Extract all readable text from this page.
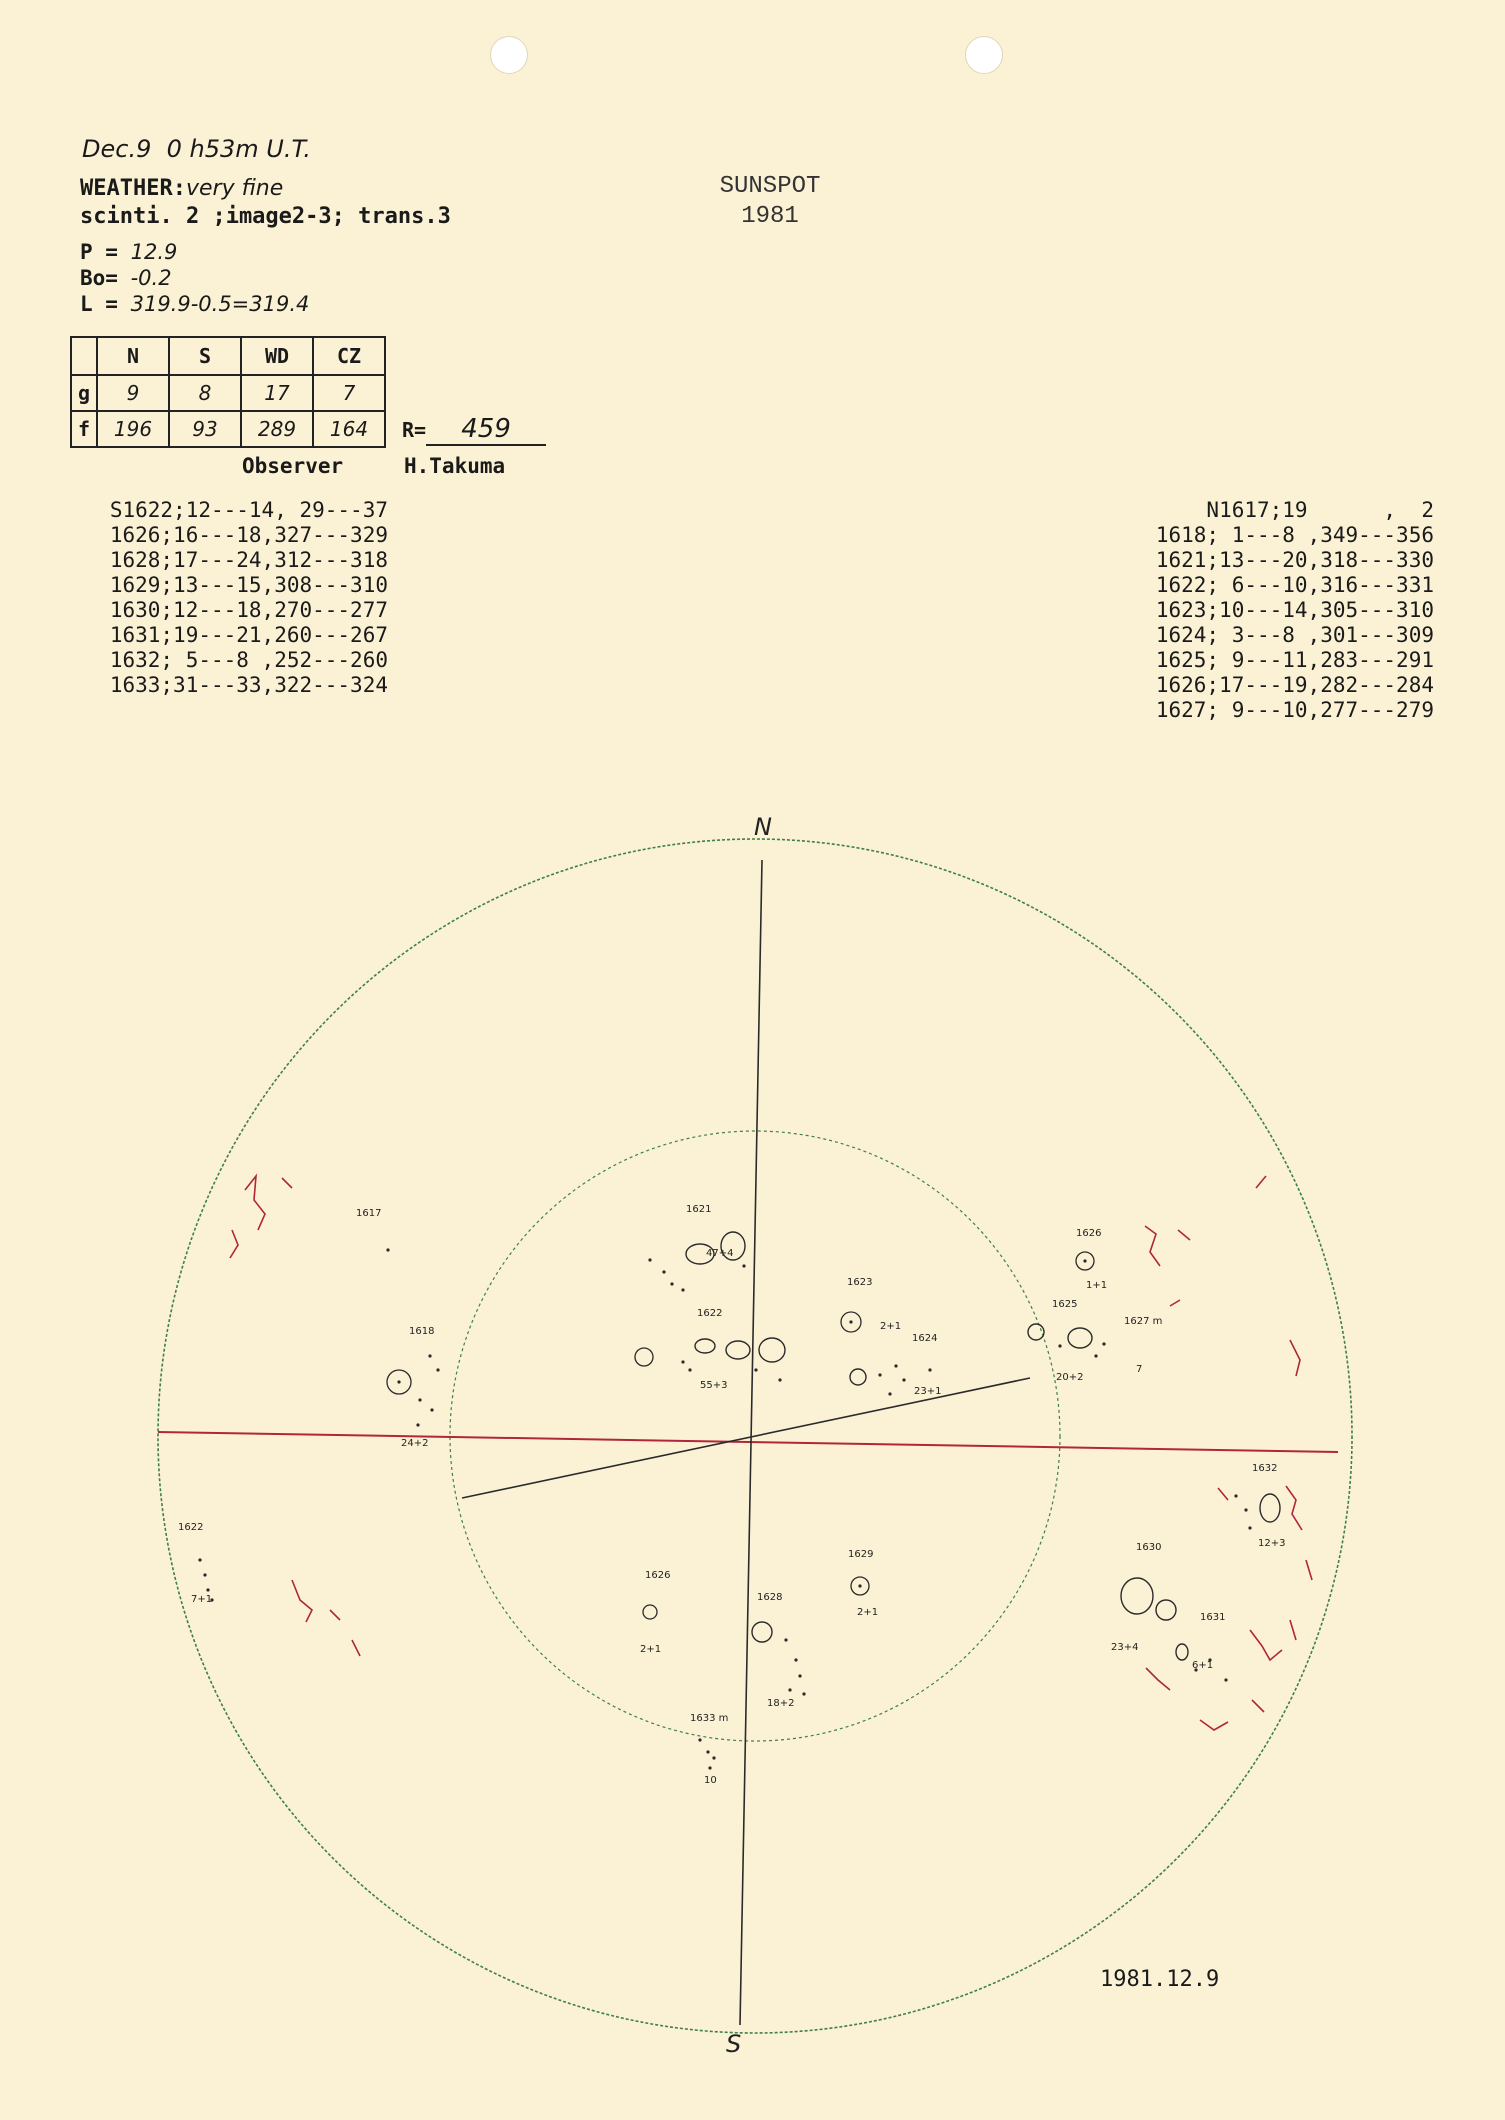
Dec.9  0 h53m U.T.
WEATHER:very fine
scinti. 2 ;image2-3; trans.3
P = 12.9
Bo= -0.2
L = 319.9-0.5=319.4
SUNSPOT
1981
	N	S	WD	CZ
g	9	8	17	7
f	196	93	289	164 R= 459
Observer	H.Takuma
S1622;12---14, 29---37
1626;16---18,327---329
1628;17---24,312---318
1629;13---15,308---310
1630;12---18,270---277
1631;19---21,260---267
1632; 5---8 ,252---260
1633;31---33,322---324
N1617;19      ,  2
1618; 1---8 ,349---356
1621;13---20,318---330
1622; 6---10,316---331
1623;10---14,305---310
1624; 3---8 ,301---309
1625; 9---11,283---291
1626;17---19,282---284
1627; 9---10,277---279
N
S
1617
1618
24+2
1621
47+4
1622
55+3
1623
2+1
1624
23+1
1626
1+1
1625
1627 m
20+2
7
1622
7+1
1626
2+1
1628
18+2
1629
2+1
1633 m
10
1632
12+3
1630
1631
23+4
6+1
1981.12.9
